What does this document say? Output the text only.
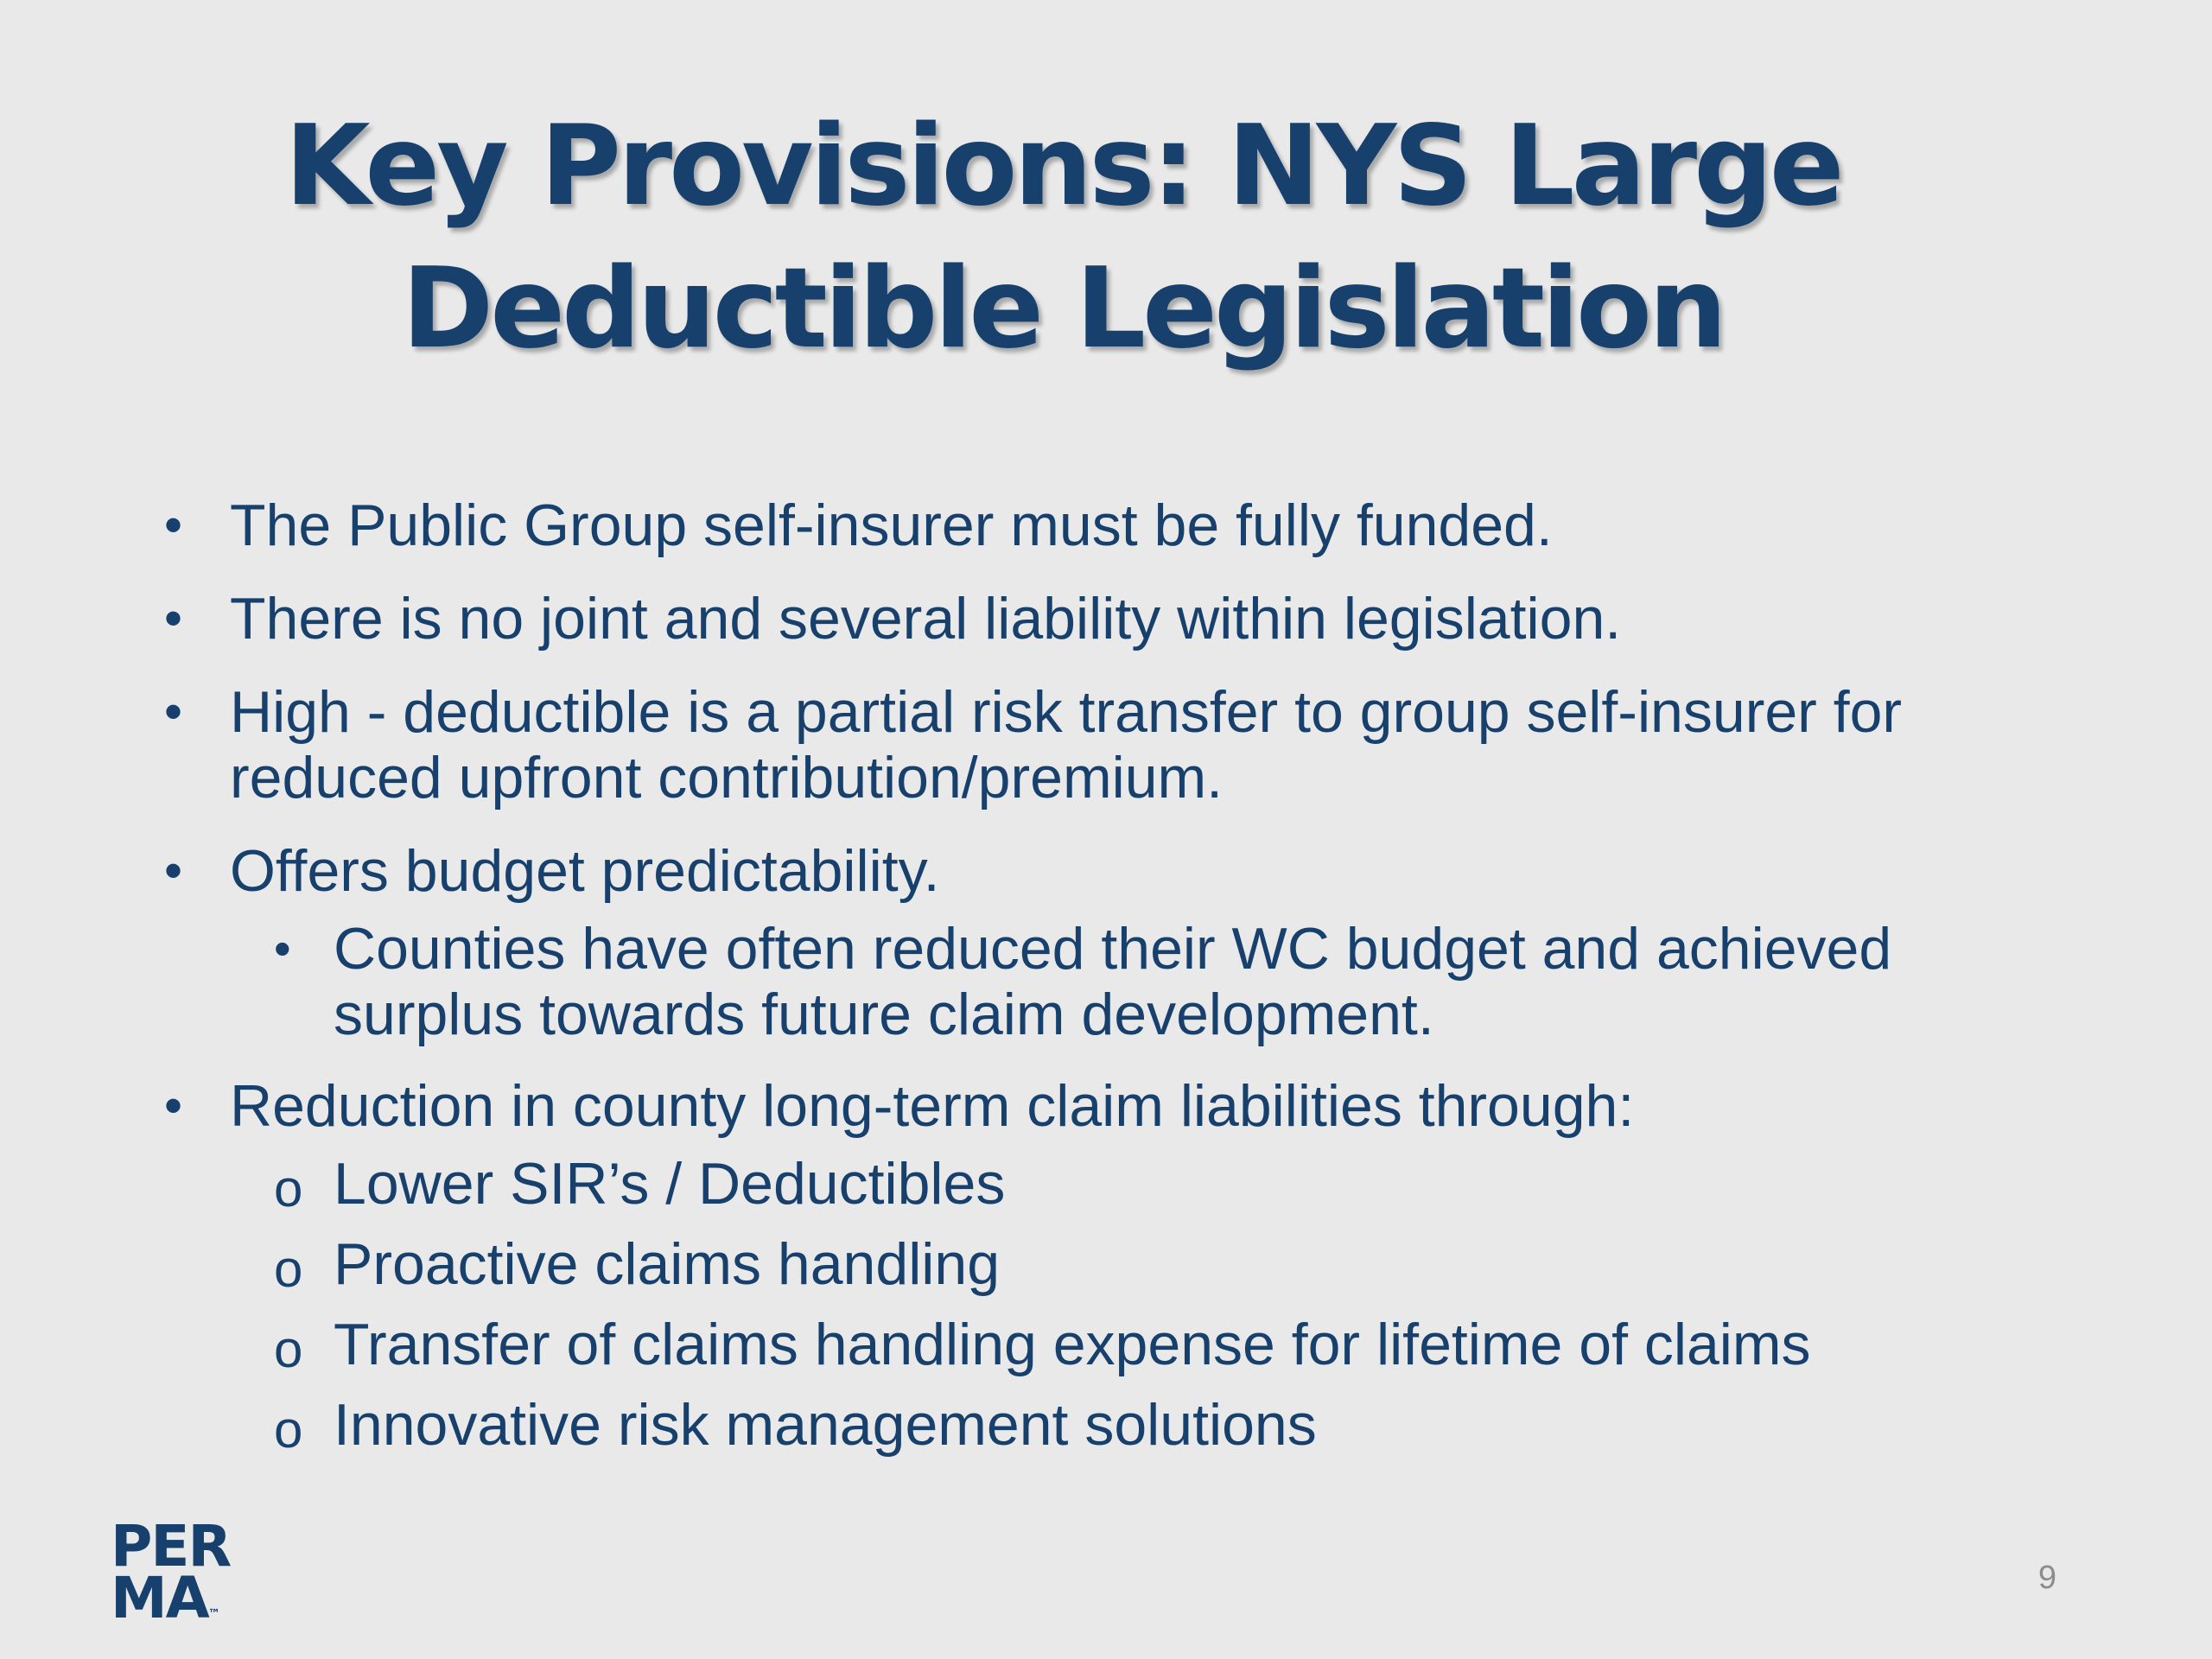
Key Provisions: NYS Large
Deductible Legislation
• The Public Group self-insurer must be fully funded.
• There is no joint and several liability within legislation.
• High - deductible is a partial risk transfer to group self-insurer for reduced upfront contribution/premium.
• Offers budget predictability.
• Counties have often reduced their WC budget and achieved surplus towards future claim development.
• Reduction in county long-term claim liabilities through:
o Lower SIR’s / Deductibles
o Proactive claims handling
o Transfer of claims handling expense for lifetime of claims
o Innovative risk management solutions
PER
MA™
9
